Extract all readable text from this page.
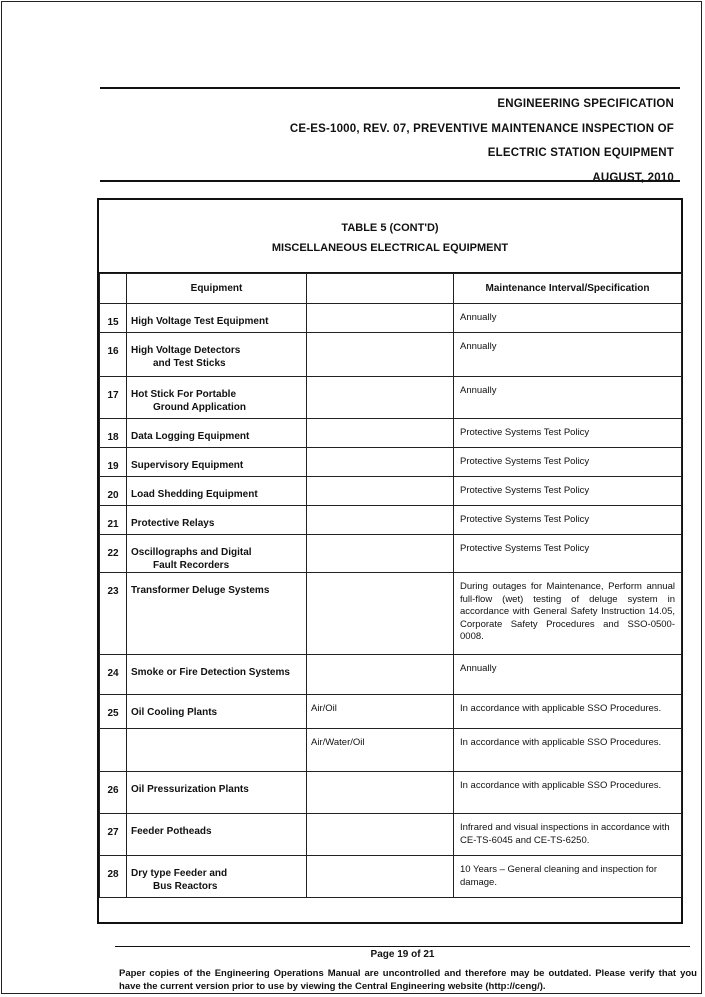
ENGINEERING SPECIFICATION
CE-ES-1000, REV. 07, PREVENTIVE MAINTENANCE INSPECTION OF
ELECTRIC STATION EQUIPMENT
AUGUST, 2010
TABLE 5 (CONT'D)
MISCELLANEOUS ELECTRICAL EQUIPMENT
	Equipment		Maintenance Interval/Specification
15	High Voltage Test Equipment		Annually
16	High Voltage Detectors
and Test Sticks		Annually
17	Hot Stick For Portable
Ground Application		Annually
18	Data Logging Equipment		Protective Systems Test Policy
19	Supervisory Equipment		Protective Systems Test Policy
20	Load Shedding Equipment		Protective Systems Test Policy
21	Protective Relays		Protective Systems Test Policy
22	Oscillographs and Digital
Fault Recorders		Protective Systems Test Policy
23	Transformer Deluge Systems		During outages for Maintenance, Perform annual full-flow (wet) testing of deluge system in accordance with General Safety Instruction 14.05, Corporate Safety Procedures and SSO-0500-0008.
24	Smoke or Fire Detection Systems		Annually
25	Oil Cooling Plants	Air/Oil	In accordance with applicable SSO Procedures.
		Air/Water/Oil	In accordance with applicable SSO Procedures.
26	Oil Pressurization Plants		In accordance with applicable SSO Procedures.
27	Feeder Potheads		Infrared and visual inspections in accordance with CE-TS-6045 and CE-TS-6250.
28	Dry type Feeder and
Bus Reactors		10 Years – General cleaning and inspection for damage.
Page 19 of 21
Paper copies of the Engineering Operations Manual are uncontrolled and therefore may be outdated. Please verify that you have the current version prior to use by viewing the Central Engineering website (http://ceng/).
